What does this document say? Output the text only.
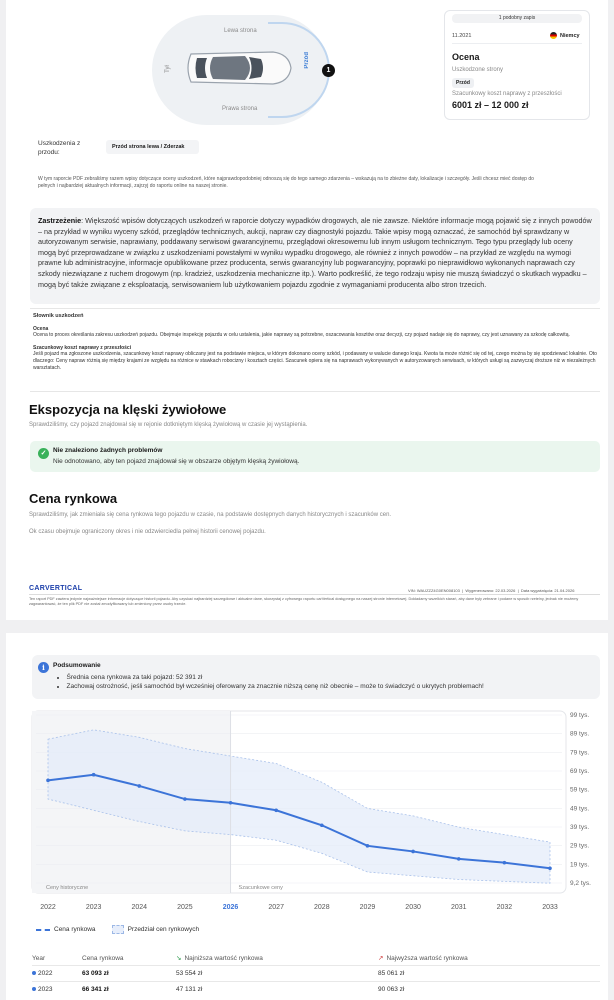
Lewa strona
Prawa strona
Tył
Przód
1
Uszkodzenia z przodu:
Przód strona lewa / Zderzak
1 podobny zapis
11.2021	Niemcy
Ocena
Uszkodzone strony
Przód
Szacunkowy koszt naprawy z przeszłości
6001 zł – 12 000 zł
W tym raporcie PDF zebraliśmy razem wpisy dotyczące oceny uszkodzeń, które najprawdopodobniej odnoszą się do tego samego zdarzenia – wskazują na to zbieżne daty, lokalizacje i szczegóły. Jeśli chcesz mieć dostęp do pełnych i najbardziej aktualnych informacji, zajrzyj do raportu online na naszej stronie.
Zastrzeżenie: Większość wpisów dotyczących uszkodzeń w raporcie dotyczy wypadków drogowych, ale nie zawsze. Niektóre informacje mogą pojawić się z innych powodów – na przykład w wyniku wyceny szkód, przeglądów technicznych, aukcji, napraw czy diagnostyki pojazdu. Takie wpisy mogą oznaczać, że samochód był sprawdzany w autoryzowanym serwisie, naprawiany, poddawany serwisowi gwarancyjnemu, przeglądowi okresowemu lub innym usługom technicznym. Tego typu przeglądy lub oceny mogą być przeprowadzane w związku z uszkodzeniami powstałymi w wyniku wypadku drogowego, ale również z innych powodów – na przykład ze względu na wymogi prawne lub administracyjne, informacje opublikowane przez producenta, serwis gwarancyjny lub pogwarancyjny, poprawki po nieprawidłowo wykonanych naprawach czy szkody niezwiązane z ruchem drogowym (np. kradzież, uszkodzenia mechaniczne itp.). Warto podkreślić, że tego rodzaju wpisy nie muszą świadczyć o skutkach wypadku – mogą być także związane z eksploatacją, serwisowaniem lub użytkowaniem pojazdu zgodnie z wymaganiami producenta albo stron trzecich.
Słownik uszkodzeń
Ocena
Ocena to proces określania zakresu uszkodzeń pojazdu. Obejmuje inspekcję pojazdu w celu ustalenia, jakie naprawy są potrzebne, oszacowania kosztów oraz decyzji, czy pojazd nadaje się do naprawy, czy jest uznawany za szkodę całkowitą.
Szacunkowy koszt naprawy z przeszłości
Jeśli pojazd ma zgłoszone uszkodzenia, szacunkowy koszt naprawy obliczany jest na podstawie miejsca, w którym dokonano oceny szkód, i podawany w walucie danego kraju. Kwota ta może różnić się od tej, czego można by się spodziewać lokalnie. Oto dlaczego: Ceny napraw różnią się między krajami ze względu na różnice w stawkach robocizny i kosztach części. Szacunek opiera się na naprawach wykonywanych w autoryzowanych serwisach, w których usługi są zazwyczaj droższe niż w niezależnych warsztatach.
Ekspozycja na klęski żywiołowe
Sprawdziliśmy, czy pojazd znajdował się w rejonie dotkniętym klęską żywiołową w czasie jej wystąpienia.
✓	Nie znaleziono żadnych problemów
Nie odnotowano, aby ten pojazd znajdował się w obszarze objętym klęską żywiołową.
Cena rynkowa
Sprawdziliśmy, jak zmieniała się cena rynkowa tego pojazdu w czasie, na podstawie dostępnych danych historycznych i szacunków cen.
Ok czasu obejmuje ograniczony okres i nie odzwierciedla pełnej historii cenowej pojazdu.
CARVERTICAL	VIN: WAUZZZ4G0EN008103  |  Wygenerowano: 22.03.2026  |  Data wygaśnięcia: 21.04.2026
Ten raport PDF zawiera jedynie najważniejsze informacje dotyczące historii pojazdu. Aby uzyskać najbardziej szczegółowe i aktualne dane, skorzystaj z cyfrowego raportu carVertical dostępnego na naszej stronie internetowej. Dokładamy wszelkich starań, aby dane były zebrane i podane w sposób rzetelny, jednak nie możemy zagwarantować, że ten plik PDF nie został zmodyfikowany lub zmieniony przez osoby trzecie.
i	Podsumowanie
• Średnia cena rynkowa za taki pojazd: 52 391 zł
• Zachowaj ostrożność, jeśli samochód był wcześniej oferowany za znacznie niższą cenę niż obecnie – może to świadczyć o ukrytych problemach!
99 tys.
89 tys.
79 tys.
69 tys.
59 tys.
49 tys.
39 tys.
29 tys.
19 tys.
9,2 tys.
Ceny historyczne	Szacunkowe ceny
2022	2023	2024	2025	2026	2027	2028	2029	2030	2031	2032	2033
Cena rynkowa	Przedział cen rynkowych
Year	Cena rynkowa	↘ Najniższa wartość rynkowa	↗ Najwyższa wartość rynkowa
2022	63 093 zł	53 554 zł	85 061 zł
2023	66 341 zł	47 131 zł	90 063 zł
